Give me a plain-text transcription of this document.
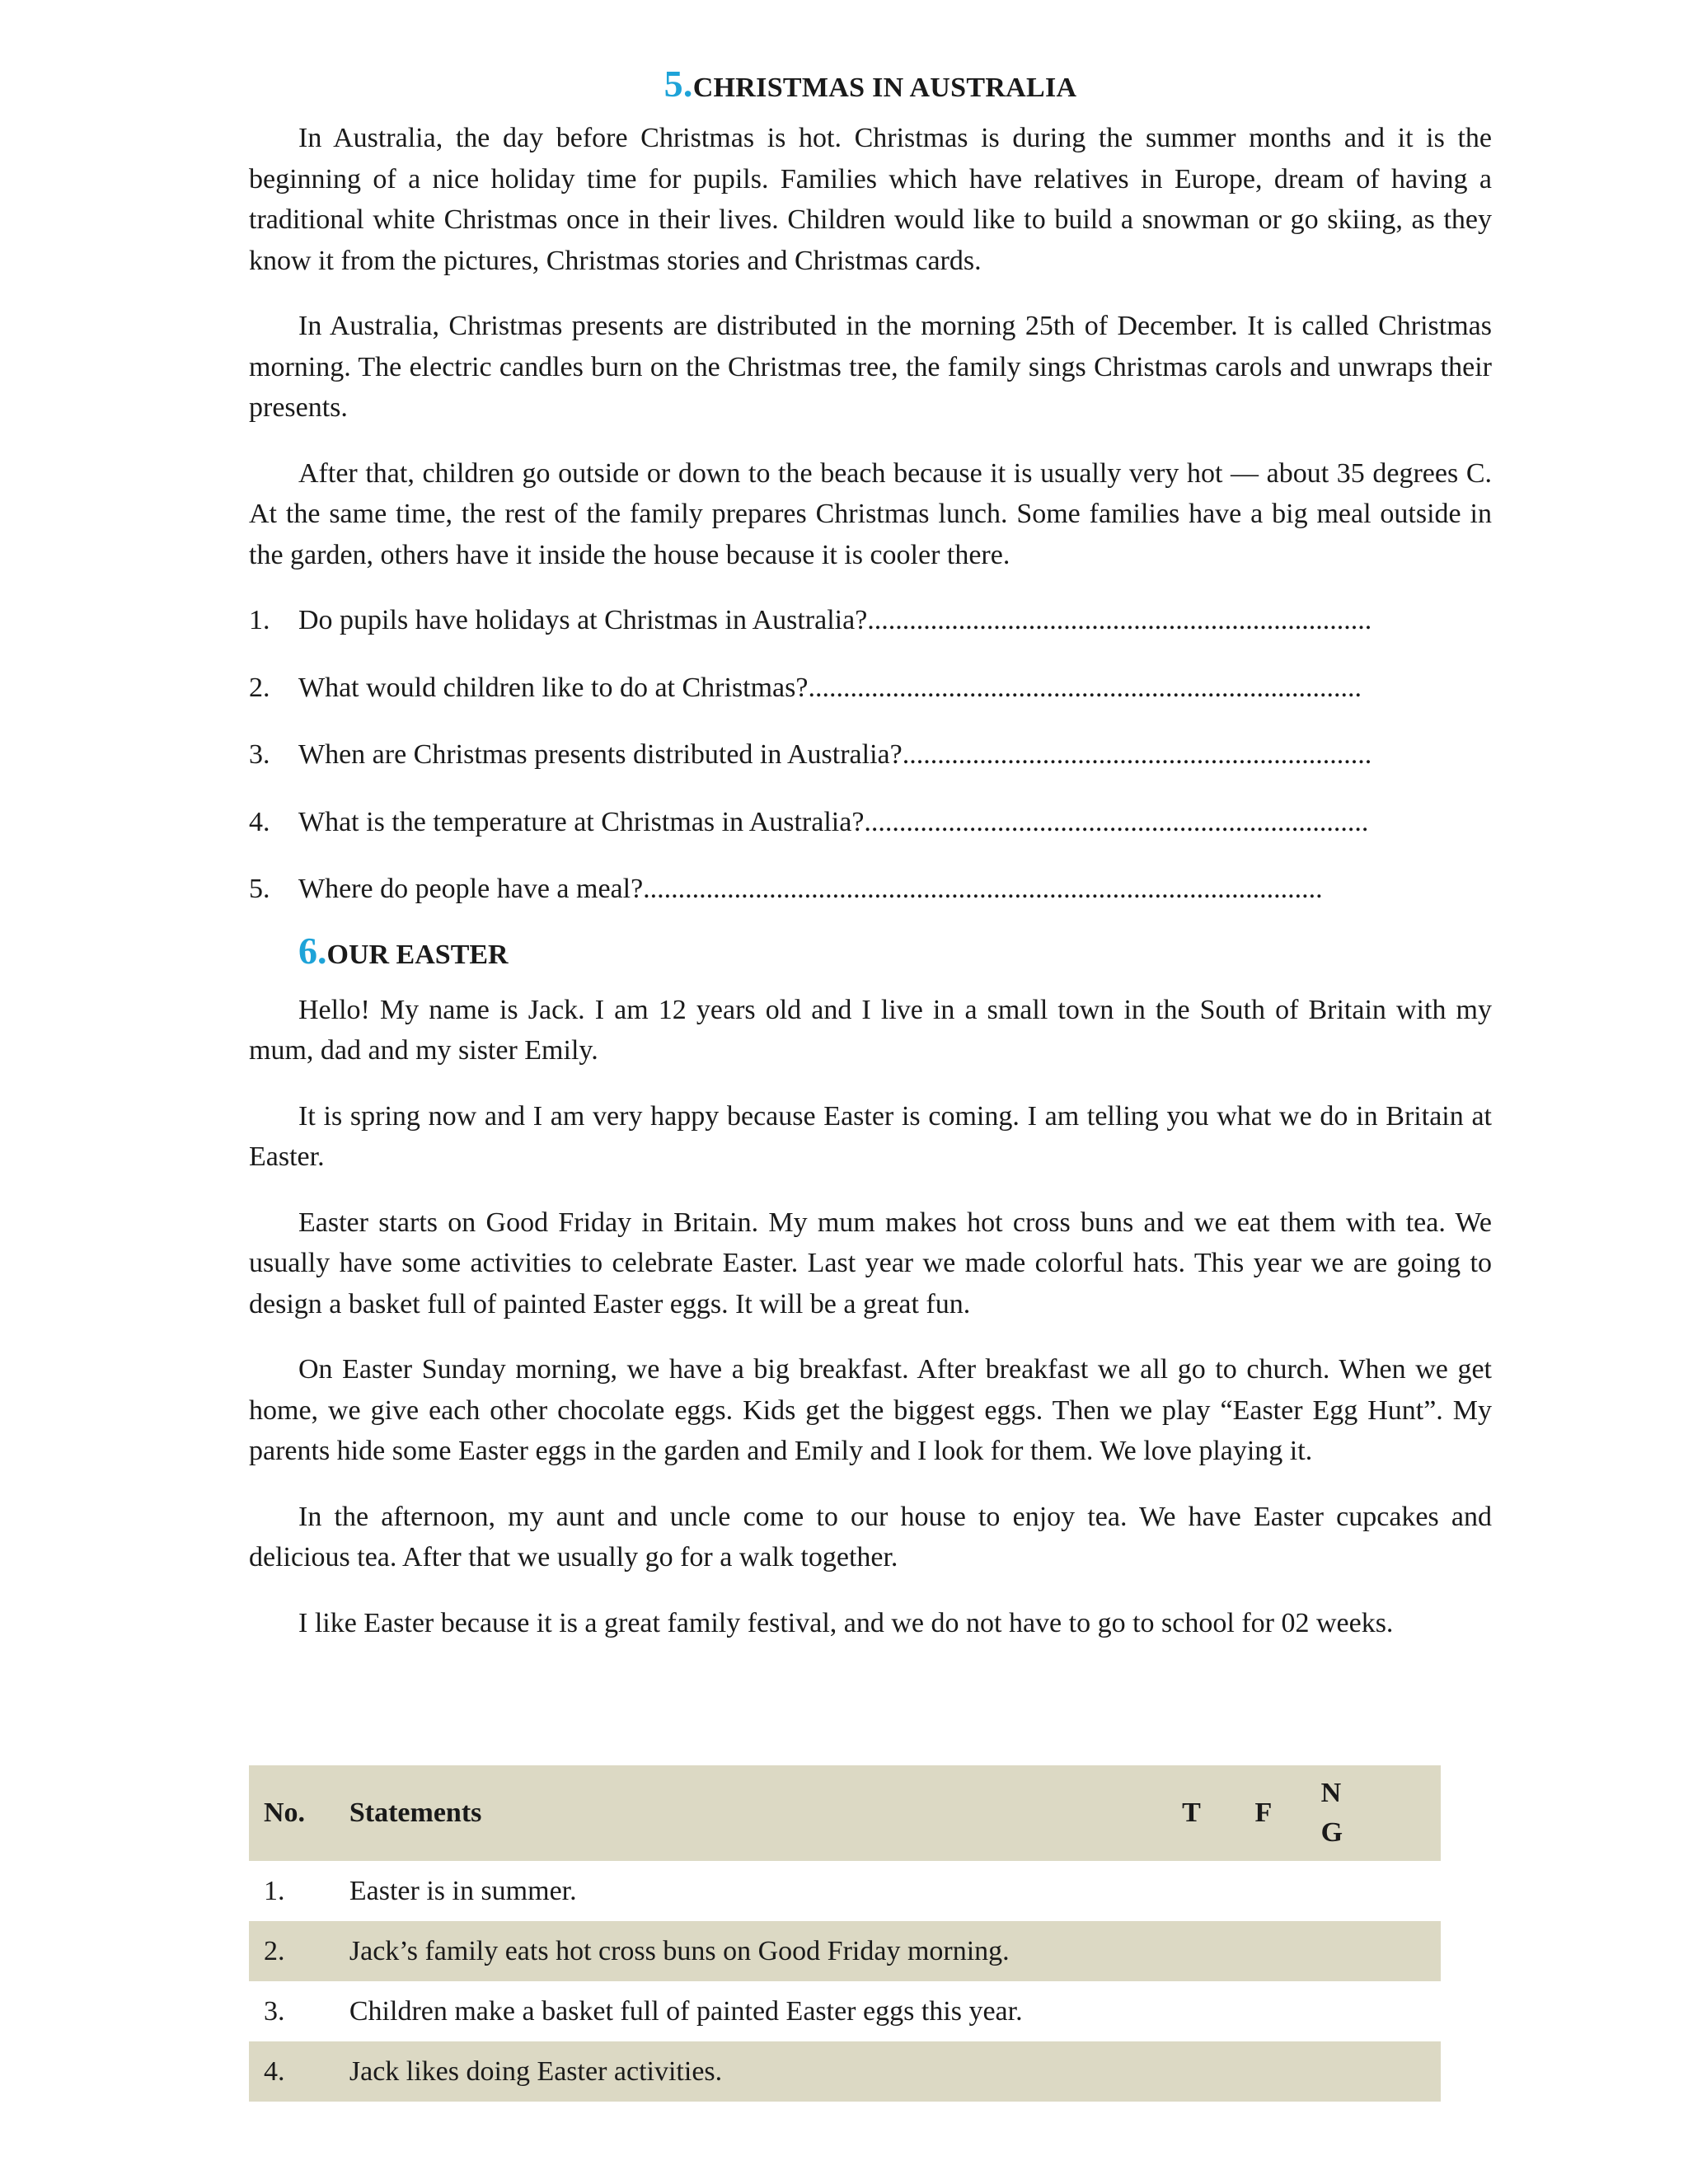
5.CHRISTMAS IN AUSTRALIA

In Australia, the day before Christmas is hot. Christmas is during the summer months and it is the beginning of a nice holiday time for pupils. Families which have relatives in Europe, dream of having a traditional white Christmas once in their lives. Children would like to build a snowman or go skiing, as they know it from the pictures, Christmas stories and Christmas cards.

In Australia, Christmas presents are distributed in the morning 25th of December. It is called Christmas morning. The electric candles burn on the Christmas tree, the family sings Christmas carols and unwraps their presents.

After that, children go outside or down to the beach because it is usually very hot — about 35 degrees C. At the same time, the rest of the family prepares Christmas lunch. Some families have a big meal outside in the garden, others have it inside the house because it is cooler there.

1. Do pupils have holidays at Christmas in Australia?........................................................................
2. What would children like to do at Christmas?...............................................................................
3. When are Christmas presents distributed in Australia?...................................................................
4. What is the temperature at Christmas in Australia?........................................................................
5. Where do people have a meal?.................................................................................................
6.OUR EASTER

Hello! My name is Jack. I am 12 years old and I live in a small town in the South of Britain with my mum, dad and my sister Emily.

It is spring now and I am very happy because Easter is coming. I am telling you what we do in Britain at Easter.

Easter starts on Good Friday in Britain. My mum makes hot cross buns and we eat them with tea. We usually have some activities to celebrate Easter. Last year we made colorful hats. This year we are going to design a basket full of painted Easter eggs. It will be a great fun.

On Easter Sunday morning, we have a big breakfast. After breakfast we all go to church. When we get home, we give each other chocolate eggs. Kids get the biggest eggs. Then we play “Easter Egg Hunt”. My parents hide some Easter eggs in the garden and Emily and I look for them. We love playing it.

In the afternoon, my aunt and uncle come to our house to enjoy tea. We have Easter cupcakes and delicious tea. After that we usually go for a walk together.

I like Easter because it is a great family festival, and we do not have to go to school for 02 weeks.

No.	Statements	T	F	N
G
1.	Easter is in summer.			
2.	Jack’s family eats hot cross buns on Good Friday morning.			
3.	Children make a basket full of painted Easter eggs this year.			
4.	Jack likes doing Easter activities.			
